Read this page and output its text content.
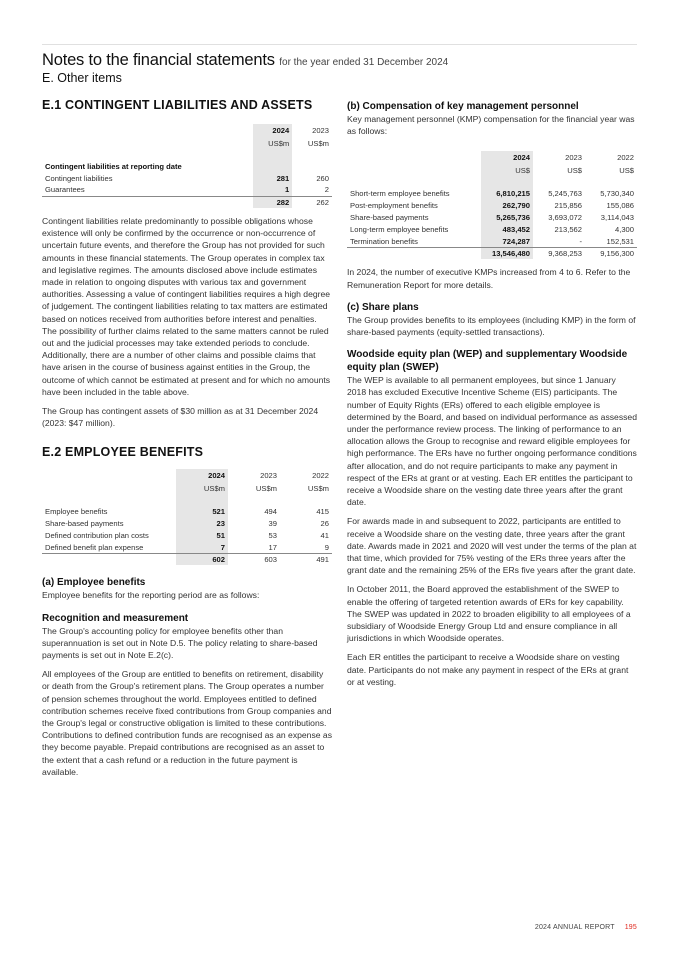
Notes to the financial statements for the year ended 31 December 2024
E. Other items
E.1 CONTINGENT LIABILITIES AND ASSETS
	2024	2023
	US$m	US$m

Contingent liabilities at reporting date		
Contingent liabilities	281	260
Guarantees	1	2
	282	262

Contingent liabilities relate predominantly to possible obligations whose existence will only be confirmed by the occurrence or non-occurrence of uncertain future events, and therefore the Group has not provided for such amounts in these financial statements. The Group operates in complex tax and legislative regimes. The amounts disclosed above include estimates made in relation to ongoing disputes with various tax and government authorities. Assessing a value of contingent liabilities requires a high degree of judgement. The contingent liabilities relating to tax matters are estimated based on notices received from authorities before interest and penalties. The possibility of further claims related to the same matters cannot be ruled out and the judicial processes may take extended periods to conclude. Additionally, there are a number of other claims and possible claims that have arisen in the course of business against entities in the Group, the outcome of which cannot be estimated at present and for which no amounts have been included in the table above.

The Group has contingent assets of $30 million as at 31 December 2024 (2023: $47 million).

E.2 EMPLOYEE BENEFITS
	2024	2023	2022
	US$m	US$m	US$m

Employee benefits	521	494	415
Share-based payments	23	39	26
Defined contribution plan costs	51	53	41
Defined benefit plan expense	7	17	9
	602	603	491
(a) Employee benefits

Employee benefits for the reporting period are as follows:

Recognition and measurement

The Group's accounting policy for employee benefits other than superannuation is set out in Note D.5. The policy relating to share-based payments is set out in Note E.2(c).

All employees of the Group are entitled to benefits on retirement, disability or death from the Group's retirement plans. The Group operates a number of pension schemes throughout the world. Employees entitled to defined contribution schemes receive fixed contributions from Group companies and the Group's legal or constructive obligation is limited to these contributions. Contributions to defined contribution funds are recognised as an expense as they become payable. Prepaid contributions are recognised as an asset to the extent that a cash refund or a reduction in the future payment is available.

(b) Compensation of key management personnel

Key management personnel (KMP) compensation for the financial year was as follows:

	2024	2023	2022
	US$	US$	US$

Short-term employee benefits	6,810,215	5,245,763	5,730,340
Post-employment benefits	262,790	215,856	155,086
Share-based payments	5,265,736	3,693,072	3,114,043
Long-term employee benefits	483,452	213,562	4,300
Termination benefits	724,287	-	152,531
	13,546,480	9,368,253	9,156,300

In 2024, the number of executive KMPs increased from 4 to 6. Refer to the Remuneration Report for more details.

(c) Share plans

The Group provides benefits to its employees (including KMP) in the form of share-based payments (equity-settled transactions).

Woodside equity plan (WEP) and supplementary Woodside equity plan (SWEP)

The WEP is available to all permanent employees, but since 1 January 2018 has excluded Executive Incentive Scheme (EIS) participants. The number of Equity Rights (ERs) offered to each eligible employee is determined by the Board, and based on individual performance as assessed under the performance review process. The linking of performance to an allocation allows the Group to recognise and reward eligible employees for high performance. The ERs have no further ongoing performance conditions after allocation, and do not require participants to make any payment in respect of the ERs at grant or at vesting. Each ER entitles the participant to receive a Woodside share on the vesting date three years after the grant date.

For awards made in and subsequent to 2022, participants are entitled to receive a Woodside share on the vesting date, three years after the grant date. Awards made in 2021 and 2020 will vest under the terms of the plan at that time, which provided for 75% vesting of the ERs three years after the grant date and the remaining 25% of the ERs five years after the grant date.

In October 2011, the Board approved the establishment of the SWEP to enable the offering of targeted retention awards of ERs for key capability. The SWEP was updated in 2022 to broaden eligibility to all employees of a subsidiary of Woodside Energy Group Ltd and ensure compliance in all jurisdictions in which Woodside operates.

Each ER entitles the participant to receive a Woodside share on vesting date. Participants do not make any payment in respect of the ERs at grant or at vesting.

2024 ANNUAL REPORT 195
